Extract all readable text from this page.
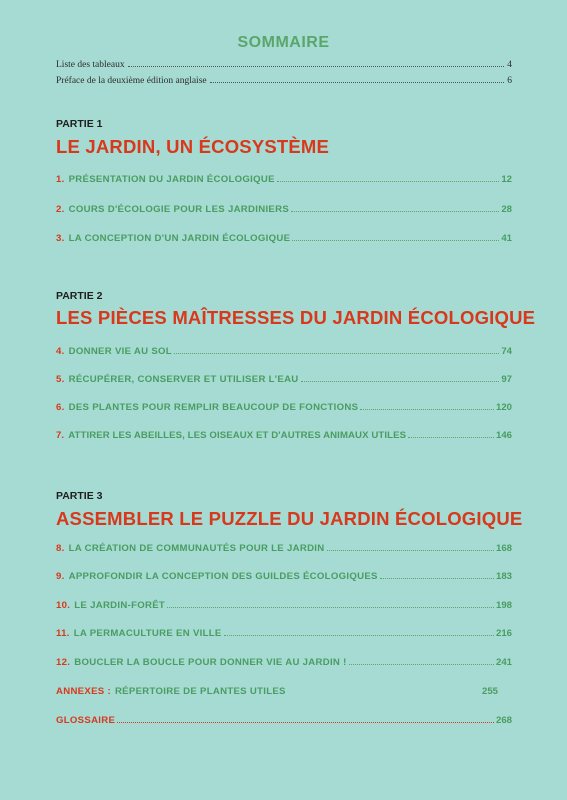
SOMMAIRE
Liste des tableaux	4
Préface de la deuxième édition anglaise	6
PARTIE 1
LE JARDIN, UN ÉCOSYSTÈME
1. PRÉSENTATION DU JARDIN ÉCOLOGIQUE	12
2. COURS D'ÉCOLOGIE POUR LES JARDINIERS	28
3. LA CONCEPTION D'UN JARDIN ÉCOLOGIQUE	41
PARTIE 2
LES PIÈCES MAÎTRESSES DU JARDIN ÉCOLOGIQUE
4. DONNER VIE AU SOL	74
5. RÉCUPÉRER, CONSERVER ET UTILISER L'EAU	97
6. DES PLANTES POUR REMPLIR BEAUCOUP DE FONCTIONS	120
7. ATTIRER LES ABEILLES, LES OISEAUX ET D'AUTRES ANIMAUX UTILES	146
PARTIE 3
ASSEMBLER LE PUZZLE DU JARDIN ÉCOLOGIQUE
8. LA CRÉATION DE COMMUNAUTÉS POUR LE JARDIN	168
9. APPROFONDIR LA CONCEPTION DES GUILDES ÉCOLOGIQUES	183
10. LE JARDIN-FORÊT	198
11. LA PERMACULTURE EN VILLE	216
12. BOUCLER LA BOUCLE POUR DONNER VIE AU JARDIN !	241
ANNEXES : RÉPERTOIRE DE PLANTES UTILES	255
GLOSSAIRE	268
